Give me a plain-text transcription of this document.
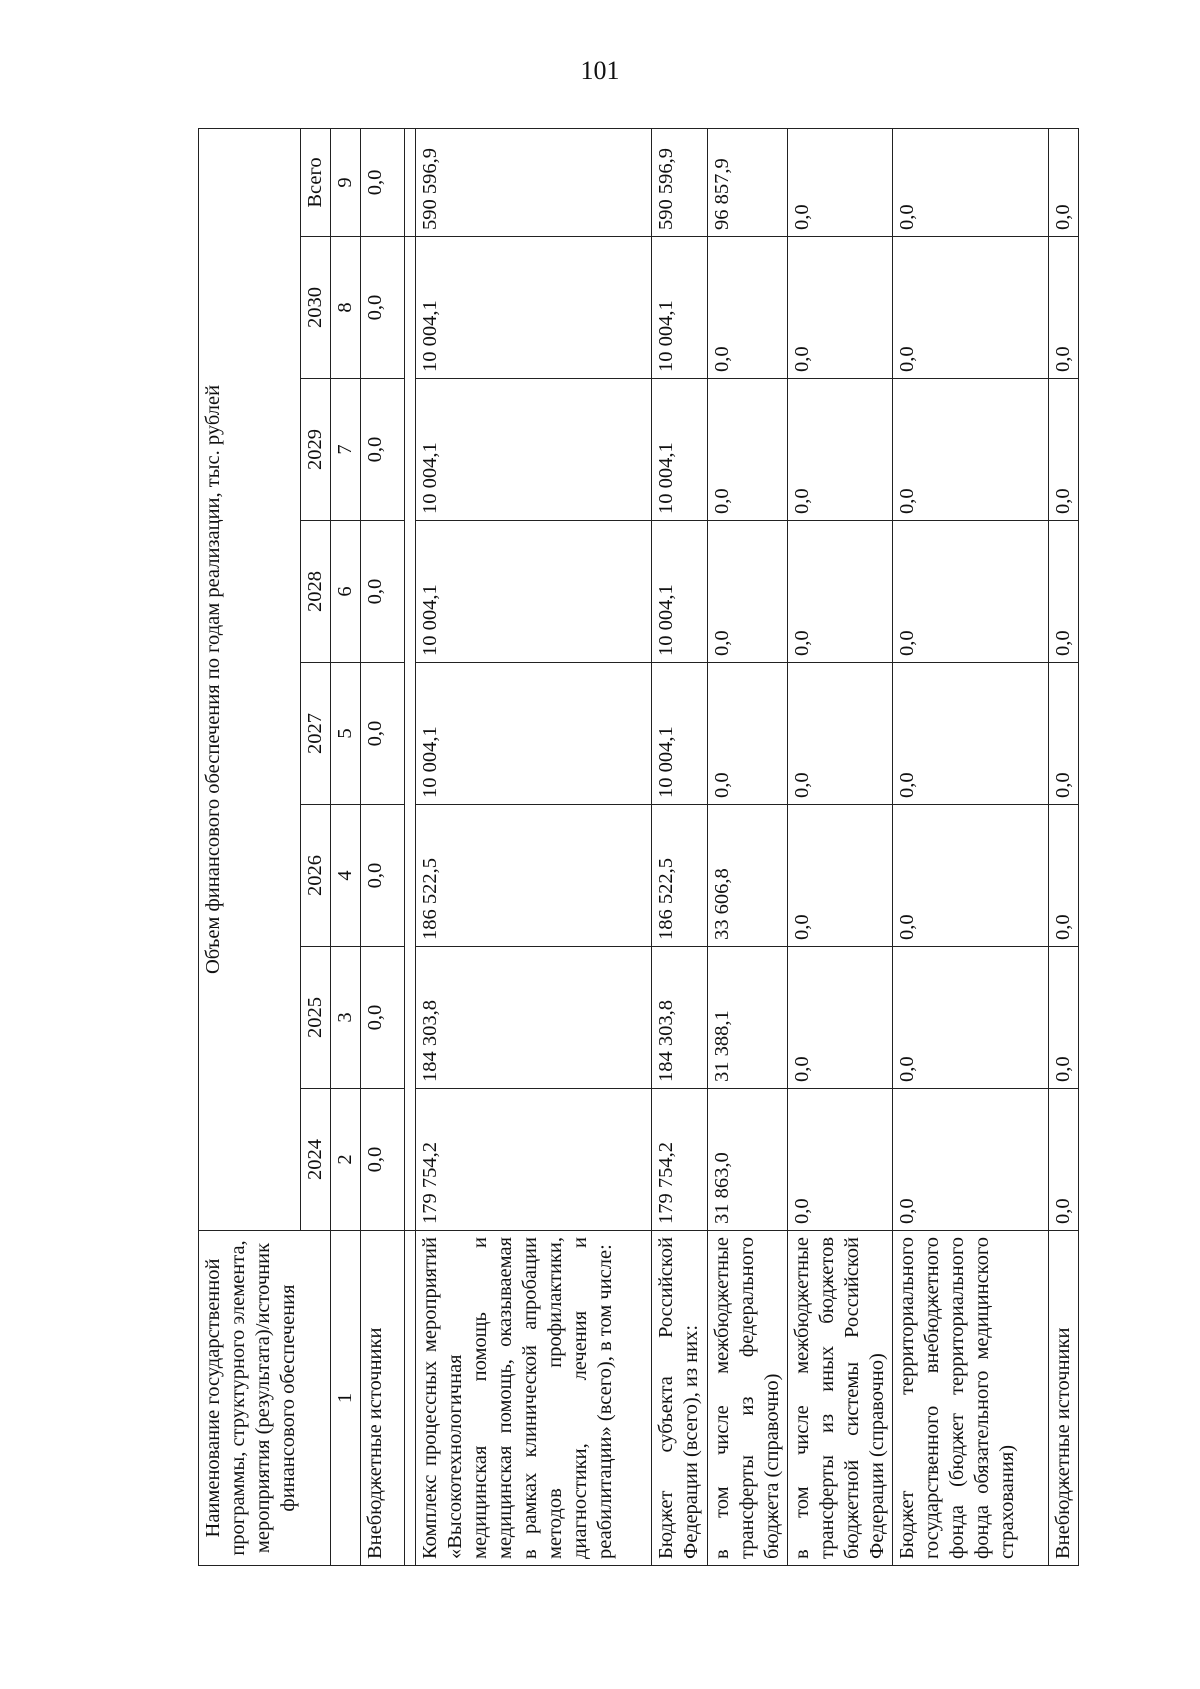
101
Наименование государственной программы, структурного элемента, мероприятия (результата)/источник финансового обеспечения	Объем финансового обеспечения по годам реализации, тыс. рублей							
	2024	2025	2026	2027	2028	2029	2030	Всего
1	2	3	4	5	6	7	8	9
Внебюджетные источники	0,0	0,0	0,0	0,0	0,0	0,0	0,0	0,0

Комплекс процессных мероприятий «Высокотехнологичная медицинская помощь и медицинская помощь, оказываемая в рамках клинической апробации методов профилактики, диагностики, лечения и реабилитации» (всего), в том числе:	179 754,2	184 303,8	186 522,5	10 004,1	10 004,1	10 004,1	10 004,1	590 596,9
Бюджет субъекта Российской Федерации (всего), из них:	179 754,2	184 303,8	186 522,5	10 004,1	10 004,1	10 004,1	10 004,1	590 596,9
в том числе межбюджетные трансферты из федерального бюджета (справочно)	31 863,0	31 388,1	33 606,8	0,0	0,0	0,0	0,0	96 857,9
в том числе межбюджетные трансферты из иных бюджетов бюджетной системы Российской Федерации (справочно)	0,0	0,0	0,0	0,0	0,0	0,0	0,0	0,0
Бюджет территориального государственного внебюджетного фонда (бюджет территориального фонда обязательного медицинского страхования)	0,0	0,0	0,0	0,0	0,0	0,0	0,0	0,0
Внебюджетные источники	0,0	0,0	0,0	0,0	0,0	0,0	0,0	0,0
